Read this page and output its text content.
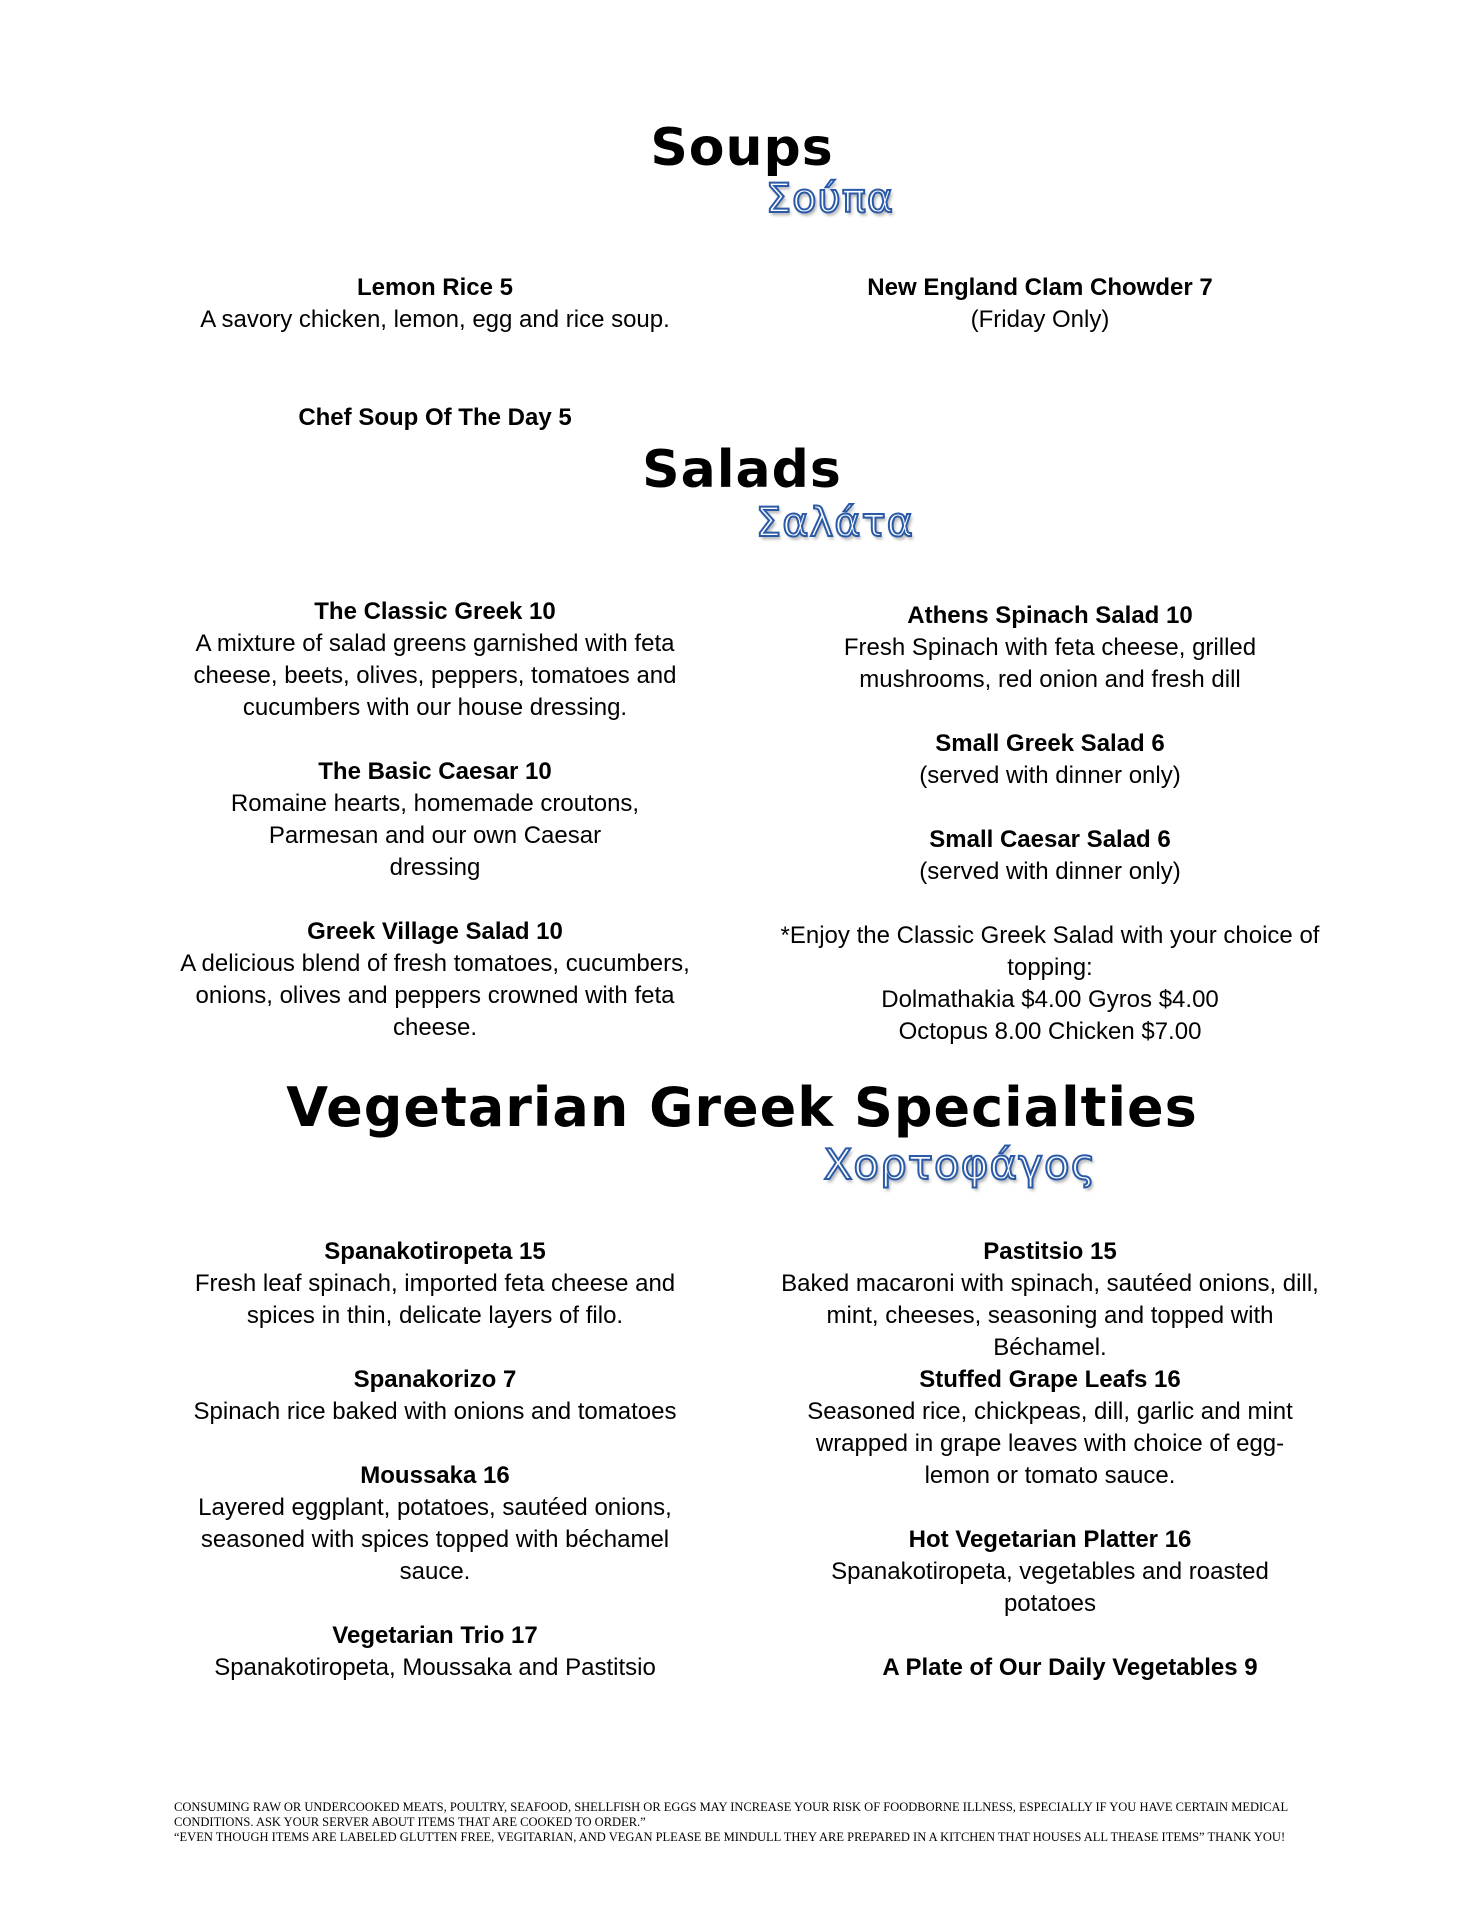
Soups
Σούπα
Lemon Rice 5
A savory chicken, lemon, egg and rice soup.
New England Clam Chowder 7
(Friday Only)
Chef Soup Of The Day 5
Salads
Σαλάτα
The Classic Greek 10
A mixture of salad greens garnished with feta cheese, beets, olives, peppers, tomatoes and cucumbers with our house dressing.
The Basic Caesar 10
Romaine hearts, homemade croutons, Parmesan and our own Caesar dressing
Greek Village Salad 10
A delicious blend of fresh tomatoes, cucumbers, onions, olives and peppers crowned with feta cheese.
Athens Spinach Salad 10
Fresh Spinach with feta cheese, grilled mushrooms, red onion and fresh dill
Small Greek Salad 6
(served with dinner only)
Small Caesar Salad 6
(served with dinner only)
*Enjoy the Classic Greek Salad with your choice of topping:
Dolmathakia $4.00 Gyros $4.00
Octopus 8.00 Chicken $7.00
Vegetarian Greek Specialties
Χορτοφάγος
Spanakotiropeta 15
Fresh leaf spinach, imported feta cheese and spices in thin, delicate layers of filo.
Spanakorizo 7
Spinach rice baked with onions and tomatoes
Moussaka 16
Layered eggplant, potatoes, sautéed onions, seasoned with spices topped with béchamel sauce.
Vegetarian Trio 17
Spanakotiropeta, Moussaka and Pastitsio
Pastitsio 15
Baked macaroni with spinach, sautéed onions, dill, mint, cheeses, seasoning and topped with Béchamel.
Stuffed Grape Leafs 16
Seasoned rice, chickpeas, dill, garlic and mint wrapped in grape leaves with choice of egg-lemon or tomato sauce.
Hot Vegetarian Platter 16
Spanakotiropeta, vegetables and roasted potatoes
A Plate of Our Daily Vegetables 9
CONSUMING RAW OR UNDERCOOKED MEATS, POULTRY, SEAFOOD, SHELLFISH OR EGGS MAY INCREASE YOUR RISK OF FOODBORNE ILLNESS, ESPECIALLY IF YOU HAVE CERTAIN MEDICAL CONDITIONS. ASK YOUR SERVER ABOUT ITEMS THAT ARE COOKED TO ORDER.”
“EVEN THOUGH ITEMS ARE LABELED GLUTTEN FREE, VEGITARIAN, AND VEGAN PLEASE BE MINDULL THEY ARE PREPARED IN A KITCHEN THAT HOUSES ALL THEASE ITEMS” THANK YOU!
